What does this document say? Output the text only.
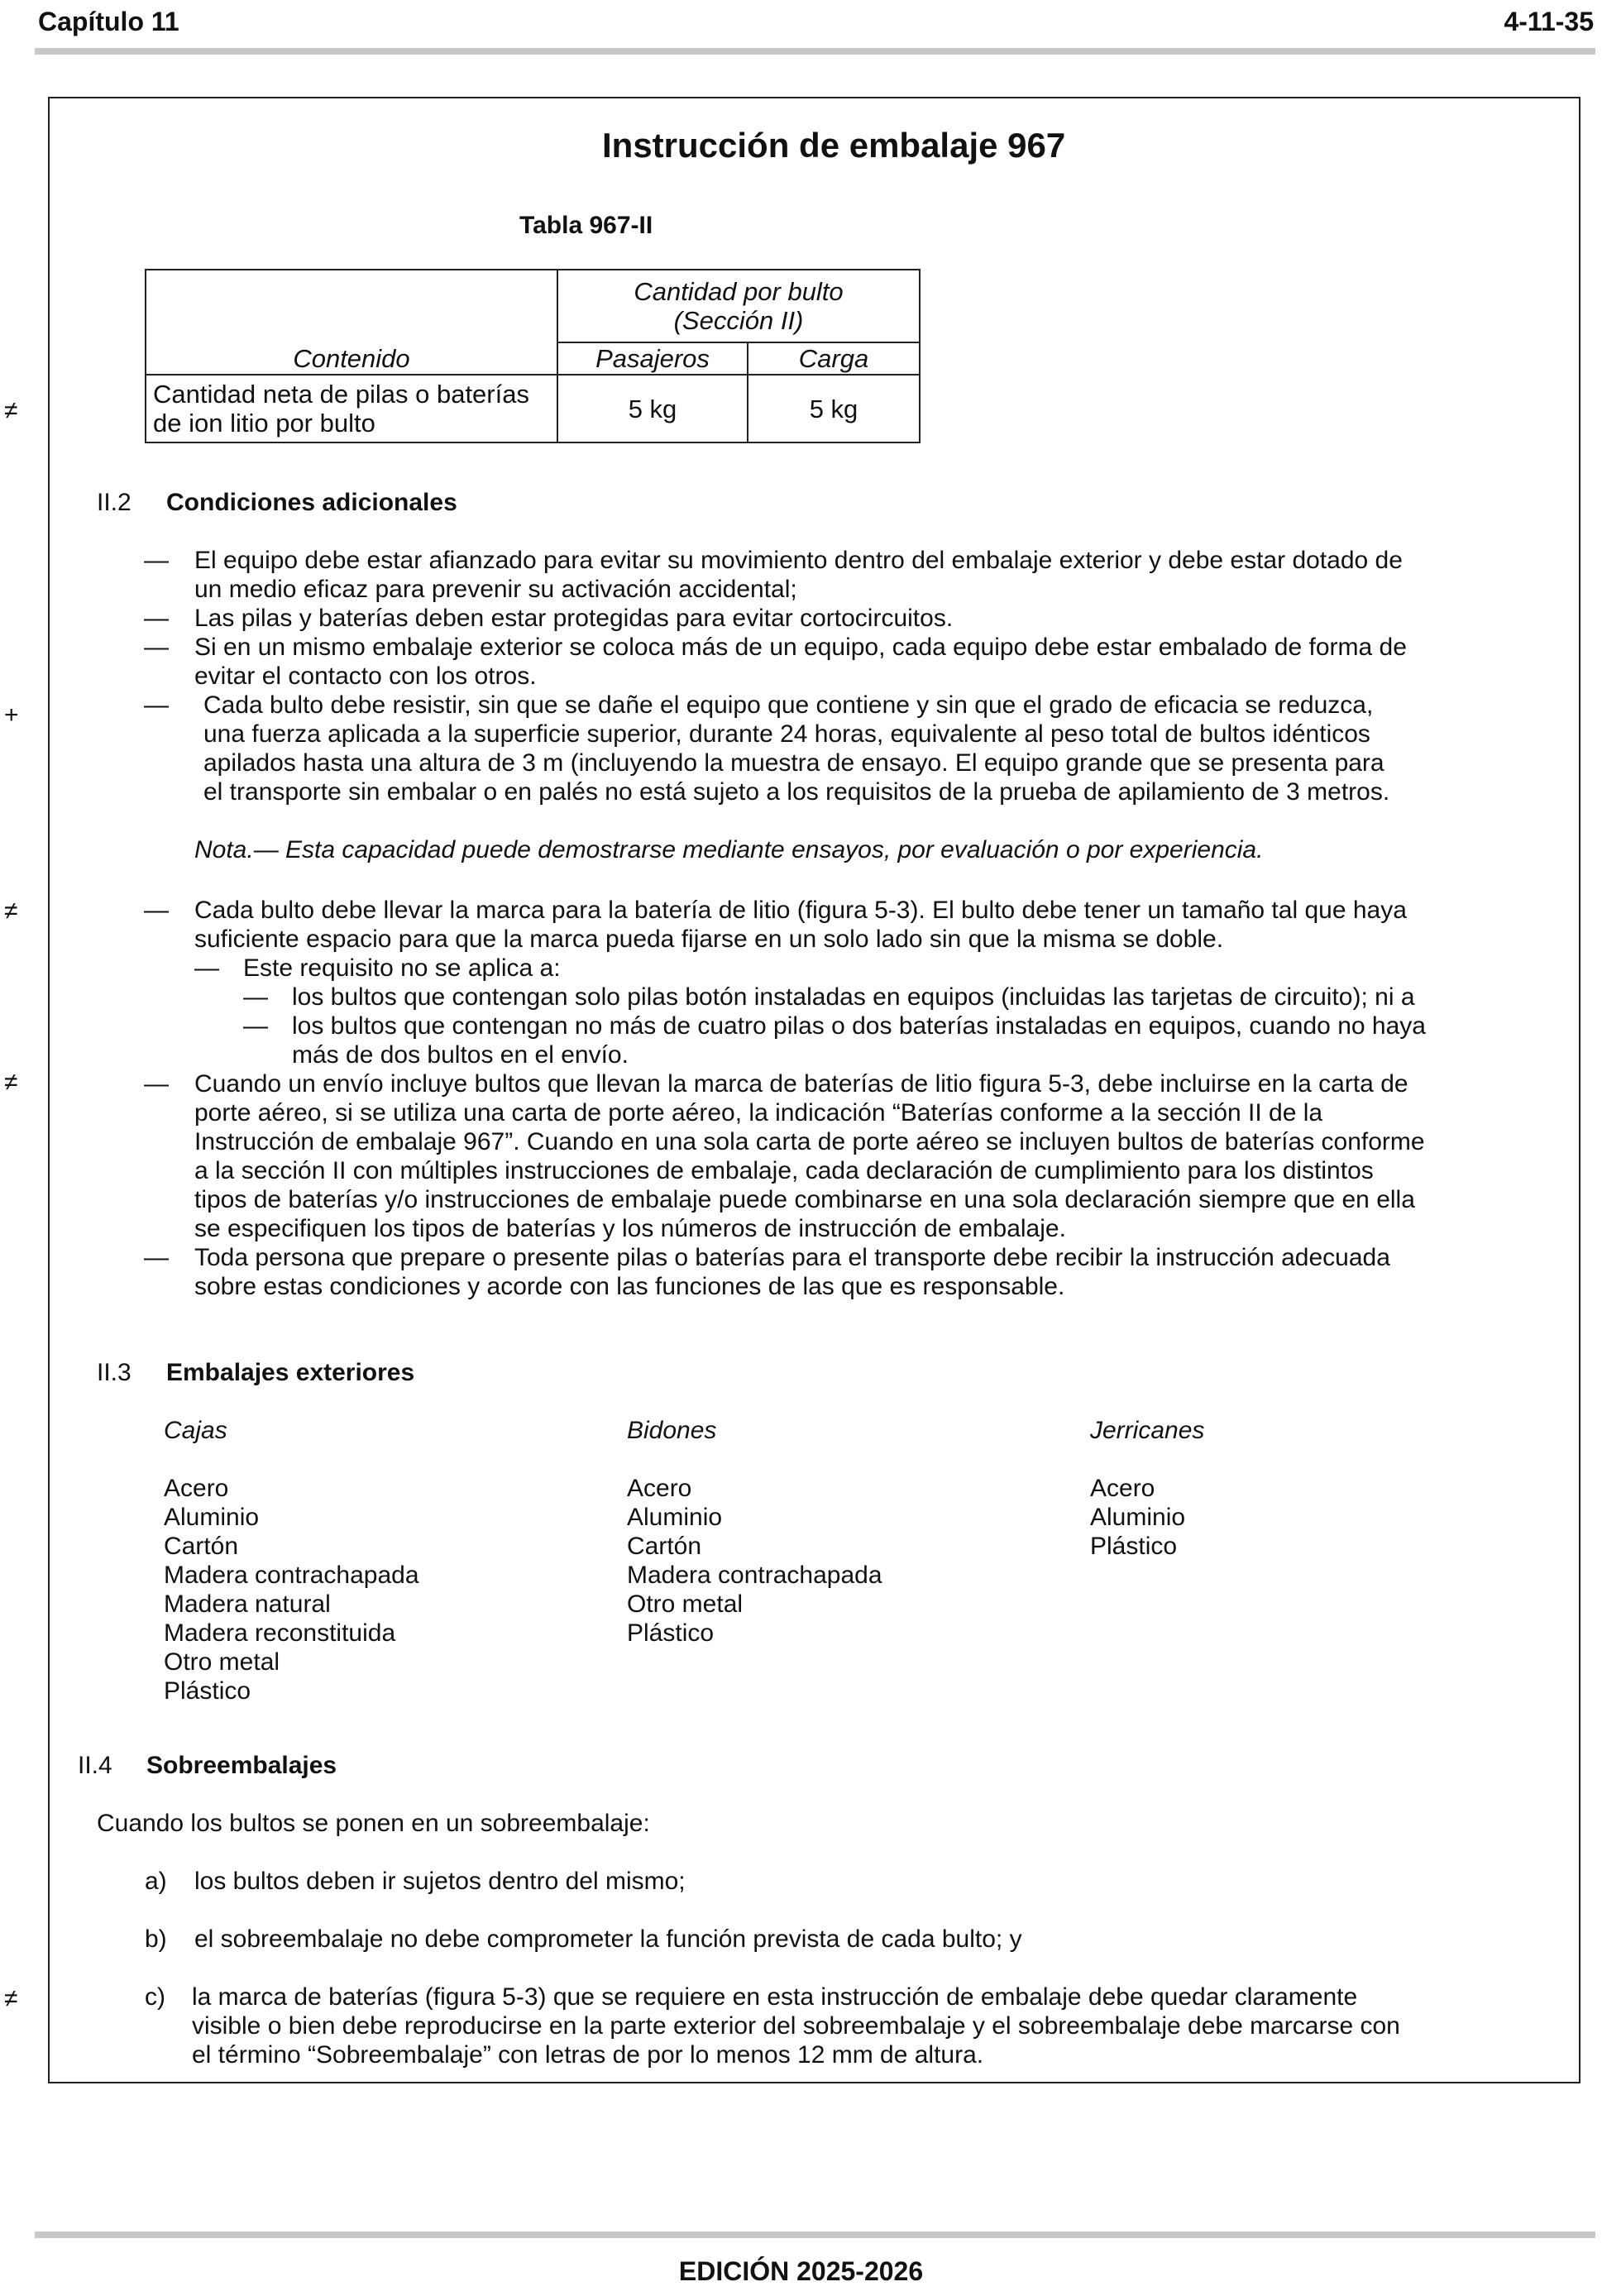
Capítulo 11	4-11-35
Instrucción de embalaje 967
Tabla 967-II

	Cantidad por bulto
(Sección II)	

Contenido	Pasajeros	Carga

Cantidad neta de pilas o baterías
de ion litio por bulto	5 kg	5 kg
≠
+
≠
≠
≠
II.2 Condiciones adicionales
— El equipo debe estar afianzado para evitar su movimiento dentro del embalaje exterior y debe estar dotado de
un medio eficaz para prevenir su activación accidental;
— Las pilas y baterías deben estar protegidas para evitar cortocircuitos.
— Si en un mismo embalaje exterior se coloca más de un equipo, cada equipo debe estar embalado de forma de
evitar el contacto con los otros.
— Cada bulto debe resistir, sin que se dañe el equipo que contiene y sin que el grado de eficacia se reduzca,
una fuerza aplicada a la superficie superior, durante 24 horas, equivalente al peso total de bultos idénticos
apilados hasta una altura de 3 m (incluyendo la muestra de ensayo. El equipo grande que se presenta para
el transporte sin embalar o en palés no está sujeto a los requisitos de la prueba de apilamiento de 3 metros.
Nota.— Esta capacidad puede demostrarse mediante ensayos, por evaluación o por experiencia.
— Cada bulto debe llevar la marca para la batería de litio (figura 5-3). El bulto debe tener un tamaño tal que haya
suficiente espacio para que la marca pueda fijarse en un solo lado sin que la misma se doble.
— Este requisito no se aplica a:
— los bultos que contengan solo pilas botón instaladas en equipos (incluidas las tarjetas de circuito); ni a
— los bultos que contengan no más de cuatro pilas o dos baterías instaladas en equipos, cuando no haya
más de dos bultos en el envío.
— Cuando un envío incluye bultos que llevan la marca de baterías de litio figura 5-3, debe incluirse en la carta de
porte aéreo, si se utiliza una carta de porte aéreo, la indicación “Baterías conforme a la sección II de la
Instrucción de embalaje 967”. Cuando en una sola carta de porte aéreo se incluyen bultos de baterías conforme
a la sección II con múltiples instrucciones de embalaje, cada declaración de cumplimiento para los distintos
tipos de baterías y/o instrucciones de embalaje puede combinarse en una sola declaración siempre que en ella
se especifiquen los tipos de baterías y los números de instrucción de embalaje.
— Toda persona que prepare o presente pilas o baterías para el transporte debe recibir la instrucción adecuada
sobre estas condiciones y acorde con las funciones de las que es responsable.
II.3 Embalajes exteriores
Cajas
Acero
Aluminio
Cartón
Madera contrachapada
Madera natural
Madera reconstituida
Otro metal
Plástico
Bidones
Acero
Aluminio
Cartón
Madera contrachapada
Otro metal
Plástico
Jerricanes
Acero
Aluminio
Plástico
II.4 Sobreembalajes
Cuando los bultos se ponen en un sobreembalaje:
a) los bultos deben ir sujetos dentro del mismo;
b) el sobreembalaje no debe comprometer la función prevista de cada bulto; y
c) la marca de baterías (figura 5-3) que se requiere en esta instrucción de embalaje debe quedar claramente
visible o bien debe reproducirse en la parte exterior del sobreembalaje y el sobreembalaje debe marcarse con
el término “Sobreembalaje” con letras de por lo menos 12 mm de altura.
EDICIÓN 2025-2026
